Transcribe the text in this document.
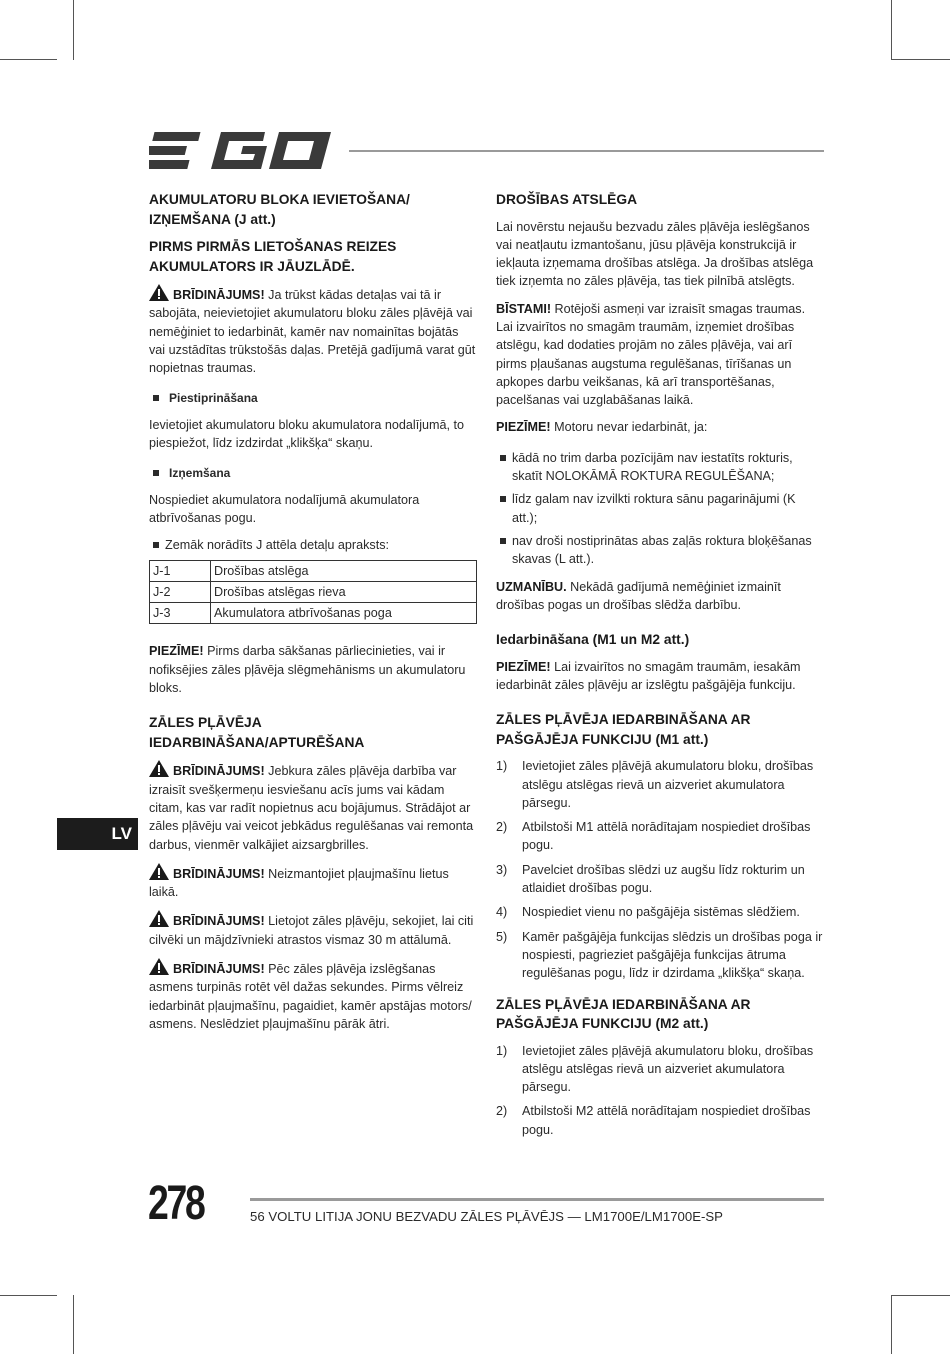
AKUMULATORU BLOKA IEVIETOŠANA/ IZŅEMŠANA (J att.)
PIRMS PIRMĀS LIETOŠANAS REIZES AKUMULATORS IR JĀUZLĀDĒ.

BRĪDINĀJUMS! Ja trūkst kādas detaļas vai tā ir sabojāta, neievietojiet akumulatoru bloku zāles pļāvējā vai nemēģiniet to iedarbināt, kamēr nav nomainītas bojātās vai uzstādītas trūkstošās daļas. Pretējā gadījumā varat gūt nopietnas traumas.

Piestiprināšana

Ievietojiet akumulatoru bloku akumulatora nodalījumā, to piespiežot, līdz izdzirdat „klikšķa“ skaņu.

Izņemšana

Nospiediet akumulatora nodalījumā akumulatora atbrīvošanas pogu.

Zemāk norādīts J attēla detaļu apraksts:
J-1	Drošības atslēga
J-2	Drošības atslēgas rieva
J-3	Akumulatora atbrīvošanas poga

PIEZĪME! Pirms darba sākšanas pārliecinieties, vai ir nofiksējies zāles pļāvēja slēgmehānisms un akumulatoru bloks.

ZĀLES PĻĀVĒJA IEDARBINĀŠANA/APTURĒŠANA

BRĪDINĀJUMS! Jebkura zāles pļāvēja darbība var izraisīt svešķermeņu iesviešanu acīs jums vai kādam citam, kas var radīt nopietnus acu bojājumus. Strādājot ar zāles pļāvēju vai veicot jebkādus regulēšanas vai remonta darbus, vienmēr valkājiet aizsargbrilles.

BRĪDINĀJUMS! Neizmantojiet pļaujmašīnu lietus laikā.

BRĪDINĀJUMS! Lietojot zāles pļāvēju, sekojiet, lai citi cilvēki un mājdzīvnieki atrastos vismaz 30 m attālumā.

BRĪDINĀJUMS! Pēc zāles pļāvēja izslēgšanas asmens turpinās rotēt vēl dažas sekundes. Pirms vēlreiz iedarbināt pļaujmašīnu, pagaidiet, kamēr apstājas motors/ asmens. Neslēdziet pļaujmašīnu pārāk ātri.

DROŠĪBAS ATSLĒGA

Lai novērstu nejaušu bezvadu zāles pļāvēja ieslēgšanos vai neatļautu izmantošanu, jūsu pļāvēja konstrukcijā ir iekļauta izņemama drošības atslēga. Ja drošības atslēga tiek izņemta no zāles pļāvēja, tas tiek pilnībā atslēgts.

BĪSTAMI! Rotējoši asmeņi var izraisīt smagas traumas. Lai izvairītos no smagām traumām, izņemiet drošības atslēgu, kad dodaties projām no zāles pļāvēja, vai arī pirms pļaušanas augstuma regulēšanas, tīrīšanas un apkopes darbu veikšanas, kā arī transportēšanas, pacelšanas vai uzglabāšanas laikā.

PIEZĪME! Motoru nevar iedarbināt, ja:

kādā no trim darba pozīcijām nav iestatīts rokturis, skatīt NOLOKĀMĀ ROKTURA REGULĒŠANA;
līdz galam nav izvilkti roktura sānu pagarinājumi (K att.);
nav droši nostiprinātas abas zaļās roktura bloķēšanas skavas (L att.).

UZMANĪBU. Nekādā gadījumā nemēģiniet izmainīt drošības pogas un drošības slēdža darbību.

Iedarbināšana (M1 un M2 att.)

PIEZĪME! Lai izvairītos no smagām traumām, iesakām iedarbināt zāles pļāvēju ar izslēgtu pašgājēja funkciju.

ZĀLES PĻĀVĒJA IEDARBINĀŠANA AR PAŠGĀJĒJA FUNKCIJU (M1 att.)
1) Ievietojiet zāles pļāvējā akumulatoru bloku, drošības atslēgu atslēgas rievā un aizveriet akumulatora pārsegu.
2) Atbilstoši M1 attēlā norādītajam nospiediet drošības pogu.
3) Pavelciet drošības slēdzi uz augšu līdz rokturim un atlaidiet drošības pogu.
4) Nospiediet vienu no pašgājēja sistēmas slēdžiem.
5) Kamēr pašgājēja funkcijas slēdzis un drošības poga ir nospiesti, pagrieziet pašgājēja funkcijas ātruma regulēšanas pogu, līdz ir dzirdama „klikšķa“ skaņa.
ZĀLES PĻĀVĒJA IEDARBINĀŠANA AR PAŠGĀJĒJA FUNKCIJU (M2 att.)
1) Ievietojiet zāles pļāvējā akumulatoru bloku, drošības atslēgu atslēgas rievā un aizveriet akumulatora pārsegu.
2) Atbilstoši M2 attēlā norādītajam nospiediet drošības pogu.
LV
278	56 VOLTU LITIJA JONU BEZVADU ZĀLES PĻĀVĒJS — LM1700E/LM1700E-SP
